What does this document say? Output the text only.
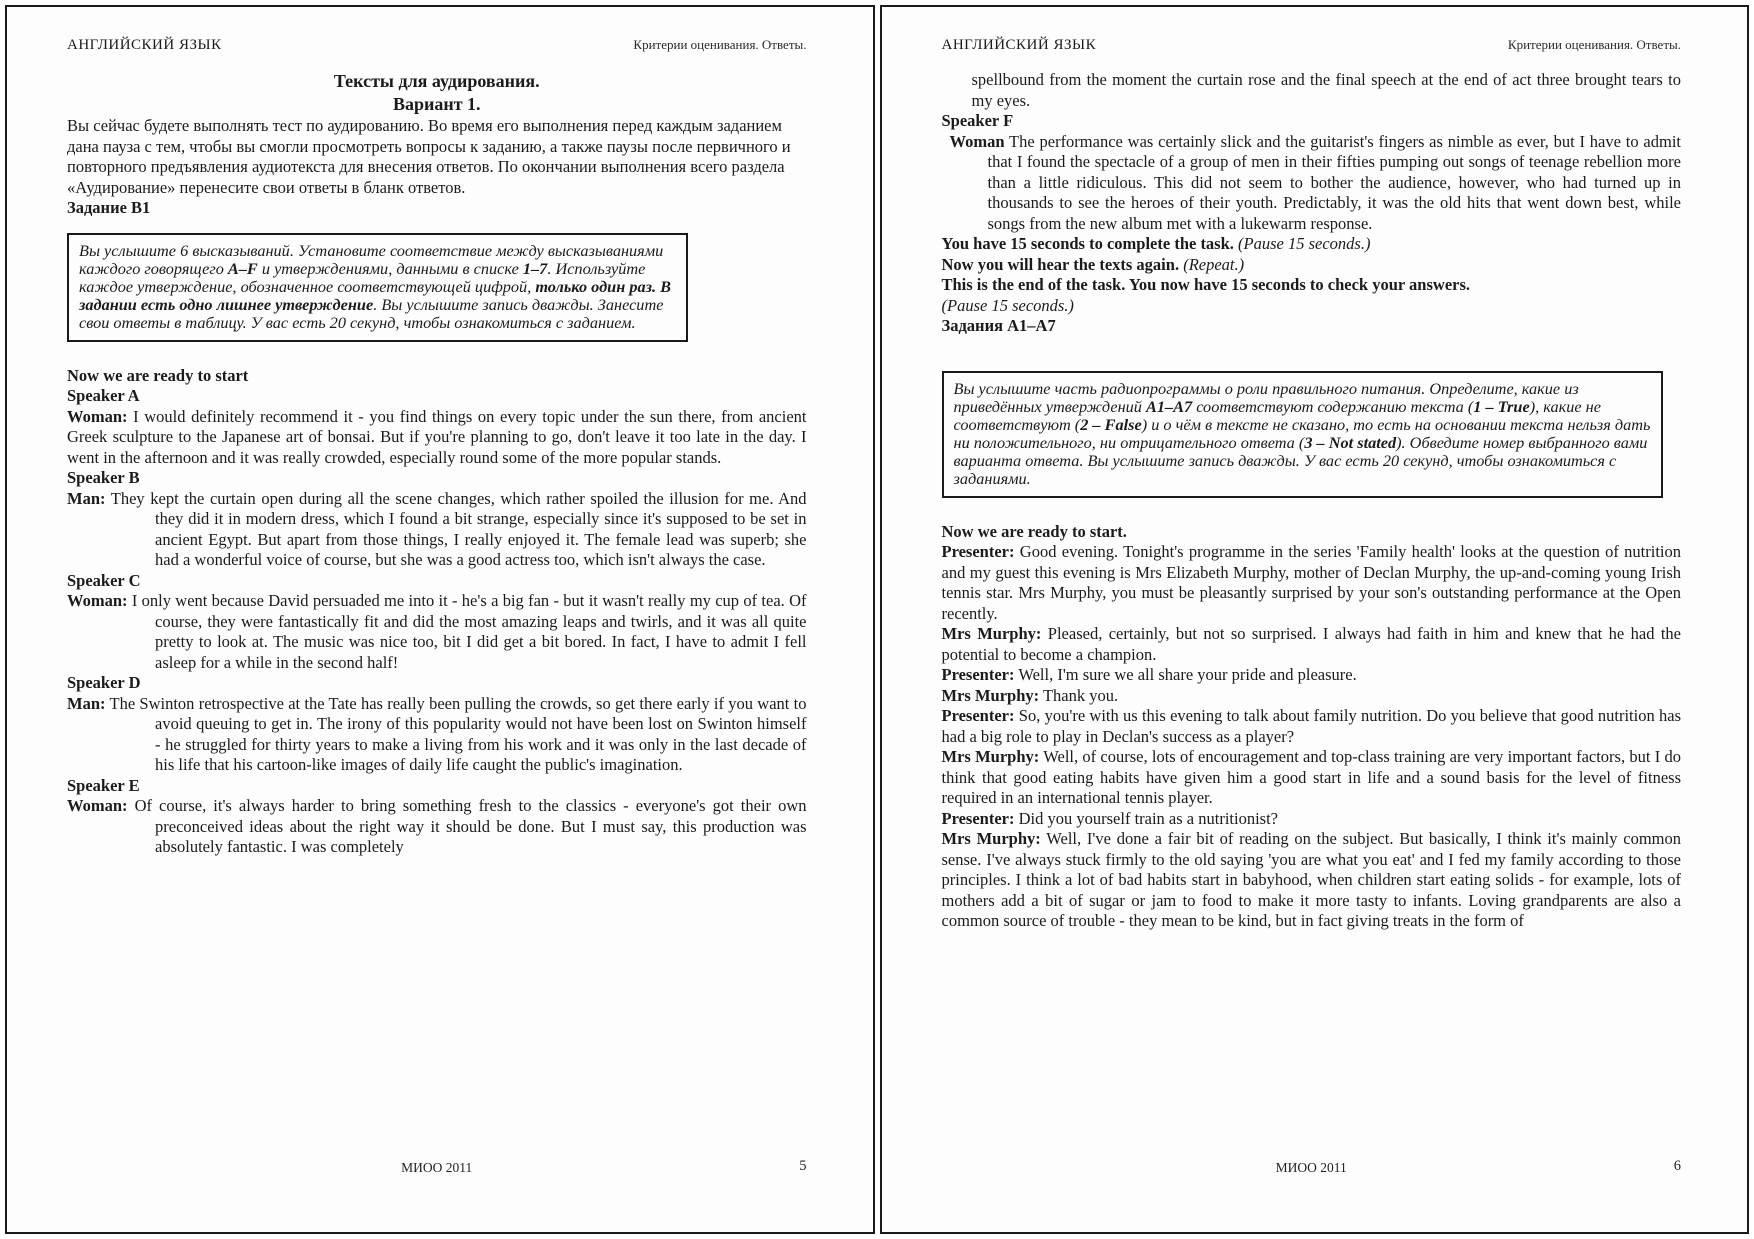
АНГЛИЙСКИЙ ЯЗЫК	Критерии оценивания. Ответы.
Тексты для аудирования.
Вариант 1.

Вы сейчас будете выполнять тест по аудированию. Во время его выполнения перед каждым заданием дана пауза с тем, чтобы вы смогли просмотреть вопросы к заданию, а также паузы после первичного и повторного предъявления аудиотекста для внесения ответов. По окончании выполнения всего раздела «Аудирование» перенесите свои ответы в бланк ответов.

Задание В1

Вы услышите 6 высказываний. Установите соответствие между высказываниями каждого говорящего A–F и утверждениями, данными в списке 1–7. Используйте каждое утверждение, обозначенное соответствующей цифрой, только один раз. В задании есть одно лишнее утверждение. Вы услышите запись дважды. Занесите свои ответы в таблицу. У вас есть 20 секунд, чтобы ознакомиться с заданием.

Now we are ready to start

Speaker A

Woman: I would definitely recommend it - you find things on every topic under the sun there, from ancient Greek sculpture to the Japanese art of bonsai. But if you're planning to go, don't leave it too late in the day. I went in the afternoon and it was really crowded, especially round some of the more popular stands.

Speaker B

Man: They kept the curtain open during all the scene changes, which rather spoiled the illusion for me. And they did it in modern dress, which I found a bit strange, especially since it's supposed to be set in ancient Egypt. But apart from those things, I really enjoyed it. The female lead was superb; she had a wonderful voice of course, but she was a good actress too, which isn't always the case.

Speaker C

Woman: I only went because David persuaded me into it - he's a big fan - but it wasn't really my cup of tea. Of course, they were fantastically fit and did the most amazing leaps and twirls, and it was all quite pretty to look at. The music was nice too, bit I did get a bit bored. In fact, I have to admit I fell asleep for a while in the second half!

Speaker D

Man: The Swinton retrospective at the Tate has really been pulling the crowds, so get there early if you want to avoid queuing to get in. The irony of this popularity would not have been lost on Swinton himself - he struggled for thirty years to make a living from his work and it was only in the last decade of his life that his cartoon-like images of daily life caught the public's imagination.

Speaker E

Woman: Of course, it's always harder to bring something fresh to the classics - everyone's got their own preconceived ideas about the right way it should be done. But I must say, this production was absolutely fantastic. I was completely

МИОО 2011	5
АНГЛИЙСКИЙ ЯЗЫК	Критерии оценивания. Ответы.

spellbound from the moment the curtain rose and the final speech at the end of act three brought tears to my eyes.

Speaker F

Woman The performance was certainly slick and the guitarist's fingers as nimble as ever, but I have to admit that I found the spectacle of a group of men in their fifties pumping out songs of teenage rebellion more than a little ridiculous. This did not seem to bother the audience, however, who had turned up in thousands to see the heroes of their youth. Predictably, it was the old hits that went down best, while songs from the new album met with a lukewarm response.

You have 15 seconds to complete the task. (Pause 15 seconds.)

Now you will hear the texts again. (Repeat.)

This is the end of the task. You now have 15 seconds to check your answers.

(Pause 15 seconds.)

Задания А1–А7

Вы услышите часть радиопрограммы о роли правильного питания. Определите, какие из приведённых утверждений А1–А7 соответствуют содержанию текста (1 – True), какие не соответствуют (2 – False) и о чём в тексте не сказано, то есть на основании текста нельзя дать ни положительного, ни отрицательного ответа (3 – Not stated). Обведите номер выбранного вами варианта ответа. Вы услышите запись дважды. У вас есть 20 секунд, чтобы ознакомиться с заданиями.

Now we are ready to start.

Presenter: Good evening. Tonight's programme in the series 'Family health' looks at the question of nutrition and my guest this evening is Mrs Elizabeth Murphy, mother of Declan Murphy, the up-and-coming young Irish tennis star. Mrs Murphy, you must be pleasantly surprised by your son's outstanding performance at the Open recently.

Mrs Murphy: Pleased, certainly, but not so surprised. I always had faith in him and knew that he had the potential to become a champion.

Presenter: Well, I'm sure we all share your pride and pleasure.

Mrs Murphy: Thank you.

Presenter: So, you're with us this evening to talk about family nutrition. Do you believe that good nutrition has had a big role to play in Declan's success as a player?

Mrs Murphy: Well, of course, lots of encouragement and top-class training are very important factors, but I do think that good eating habits have given him a good start in life and a sound basis for the level of fitness required in an international tennis player.

Presenter: Did you yourself train as a nutritionist?

Mrs Murphy: Well, I've done a fair bit of reading on the subject. But basically, I think it's mainly common sense. I've always stuck firmly to the old saying 'you are what you eat' and I fed my family according to those principles. I think a lot of bad habits start in babyhood, when children start eating solids - for example, lots of mothers add a bit of sugar or jam to food to make it more tasty to infants. Loving grandparents are also a common source of trouble - they mean to be kind, but in fact giving treats in the form of

МИОО 2011	6
